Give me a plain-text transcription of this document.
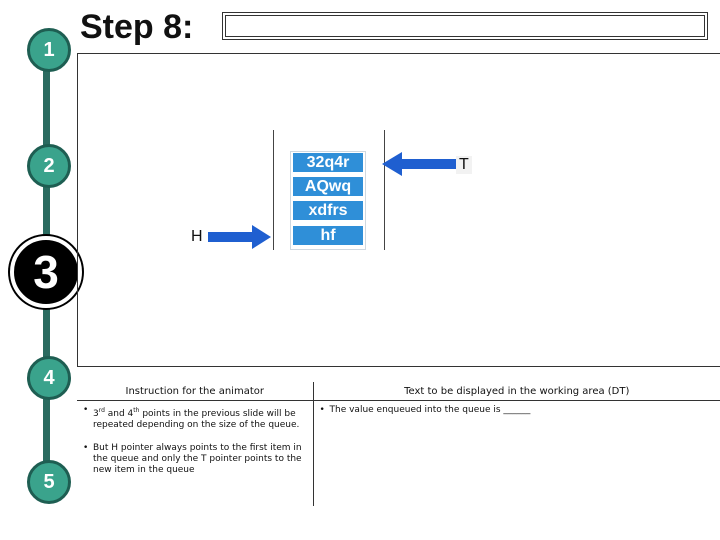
1
2
3
4
5
Step 8:
32q4r
AQwq
xdfrs
hf
T
H
Instruction for the animator	Text to be displayed in the working area (DT)

• 3rd and 4th points in the previous slide will be repeated depending on the size of the queue.
• But H pointer always points to the first item in the queue and only the T pointer points to the new item in the queue	• The value enqueued into the queue is ______
